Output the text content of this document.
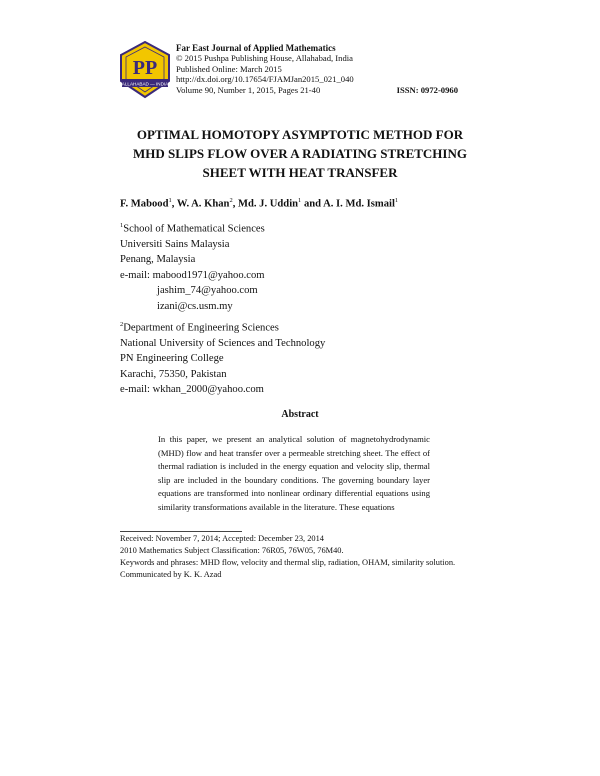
PP
ALLAHABAD — INDIA
Far East Journal of Applied Mathematics
© 2015 Pushpa Publishing House, Allahabad, India
Published Online: March 2015
http://dx.doi.org/10.17654/FJAMJan2015_021_040
Volume 90, Number 1, 2015, Pages 21-40	ISSN: 0972-0960
OPTIMAL HOMOTOPY ASYMPTOTIC METHOD FOR
MHD SLIPS FLOW OVER A RADIATING STRETCHING
SHEET WITH HEAT TRANSFER
F. Mabood$^1$, W. A. Khan$^2$, Md. J. Uddin$^1$ and A. I. Md. Ismail$^1$
$^1$School of Mathematical Sciences
Universiti Sains Malaysia
Penang, Malaysia
e-mail: mabood1971@yahoo.com
jashim_74@yahoo.com
izani@cs.usm.my
$^2$Department of Engineering Sciences
National University of Sciences and Technology
PN Engineering College
Karachi, 75350, Pakistan
e-mail: wkhan_2000@yahoo.com
Abstract
In this paper, we present an analytical solution of magnetohydrodynamic (MHD) flow and heat transfer over a permeable stretching sheet. The effect of thermal radiation is included in the energy equation and velocity slip, thermal slip are included in the boundary conditions. The governing boundary layer equations are transformed into nonlinear ordinary differential equations using similarity transformations available in the literature. These equations
Received: November 7, 2014; Accepted: December 23, 2014
2010 Mathematics Subject Classification: 76R05, 76W05, 76M40.
Keywords and phrases: MHD flow, velocity and thermal slip, radiation, OHAM, similarity solution.
Communicated by K. K. Azad
